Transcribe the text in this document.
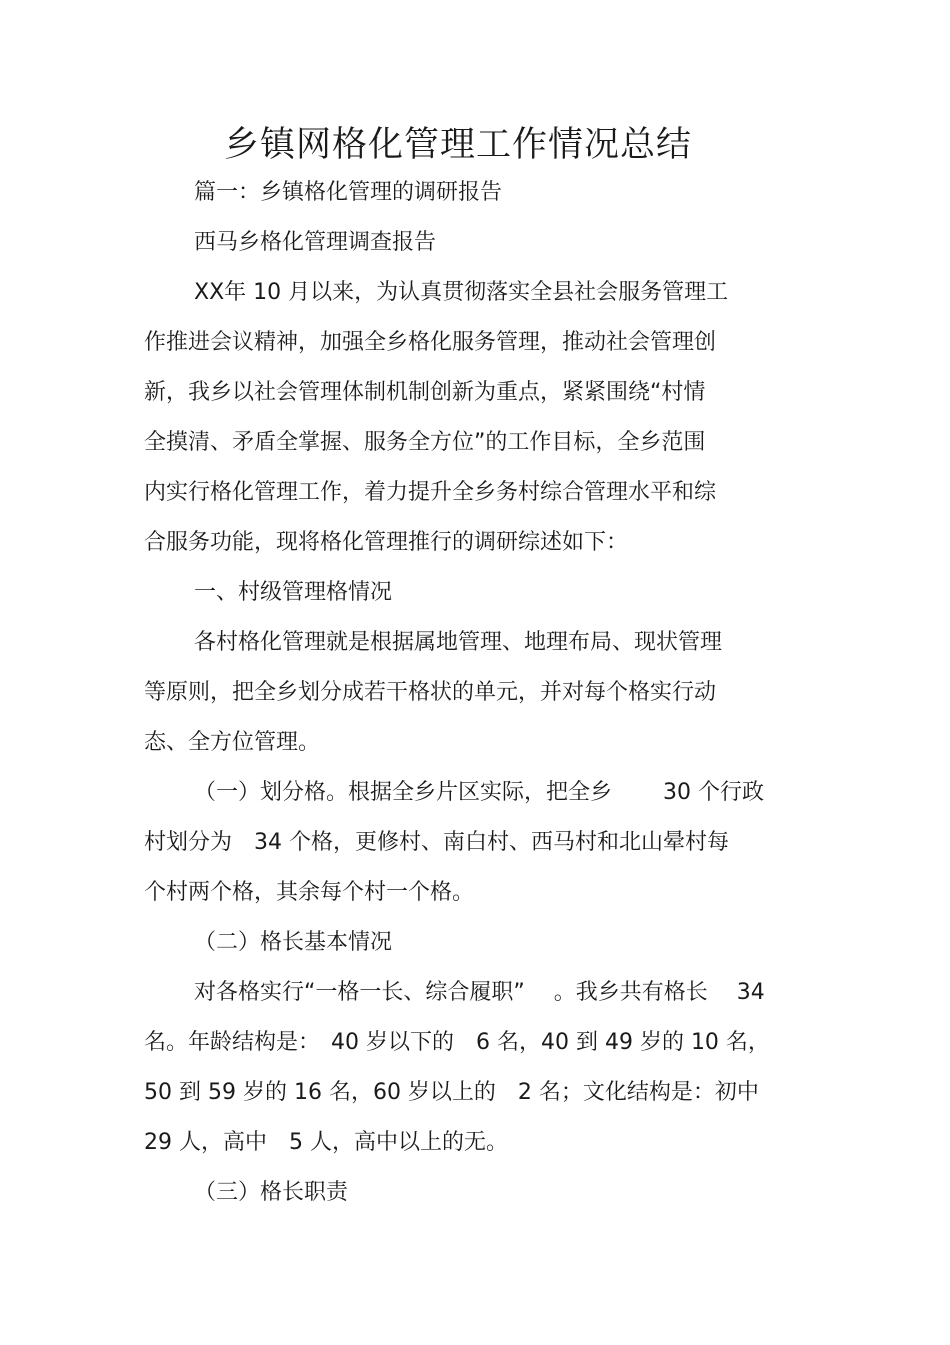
乡镇网格化管理工作情况总结

篇一：乡镇格化管理的调研报告

西马乡格化管理调查报告

XX年 10 月以来，为认真贯彻落实全县社会服务管理工

作推进会议精神，加强全乡格化服务管理，推动社会管理创

新，我乡以社会管理体制机制创新为重点，紧紧围绕“村情

全摸清、矛盾全掌握、服务全方位”的工作目标，全乡范围

内实行格化管理工作，着力提升全乡务村综合管理水平和综

合服务功能，现将格化管理推行的调研综述如下：

一、村级管理格情况

各村格化管理就是根据属地管理、地理布局、现状管理

等原则，把全乡划分成若干格状的单元，并对每个格实行动

态、全方位管理。

（一）划分格。根据全乡片区实际，把全乡　　 30 个行政

村划分为　34 个格，更修村、南白村、西马村和北山晕村每

个村两个格，其余每个村一个格。

（二）格长基本情况

对各格实行“一格一长、综合履职”　 。我乡共有格长　 34

名。年龄结构是：　40 岁以下的　6 名，40 到 49 岁的 10 名，

50 到 59 岁的 16 名，60 岁以上的　2 名；文化结构是：初中

29 人，高中　5 人，高中以上的无。

（三）格长职责
